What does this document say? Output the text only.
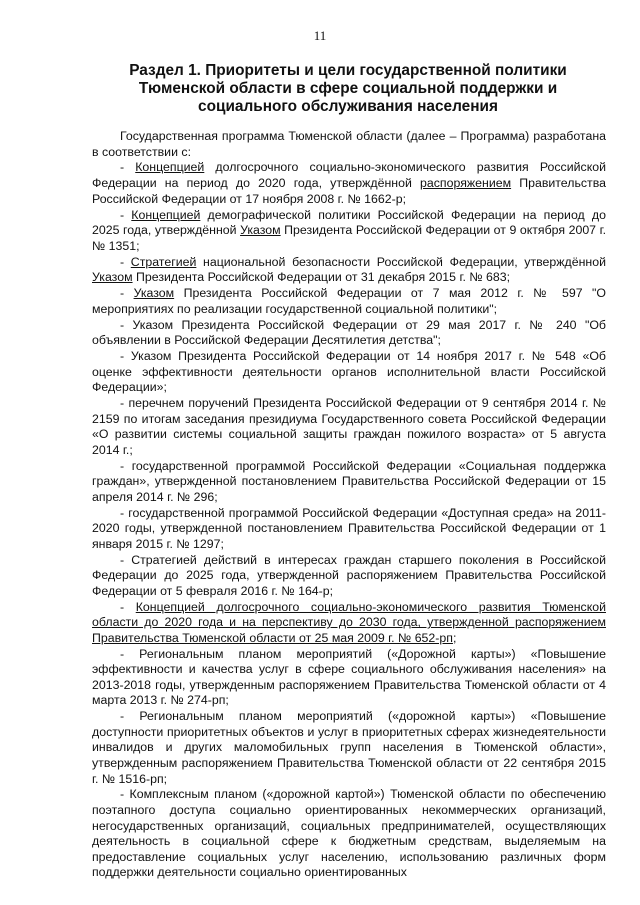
11
Раздел 1. Приоритеты и цели государственной политики
Тюменской области в сфере социальной поддержки и
социального обслуживания населения

Государственная программа Тюменской области (далее – Программа) разработана в соответствии с:

- Концепцией долгосрочного социально-экономического развития Российской Федерации на период до 2020 года, утверждённой распоряжением Правительства Российской Федерации от 17 ноября 2008 г. № 1662-р;

- Концепцией демографической политики Российской Федерации на период до 2025 года, утверждённой Указом Президента Российской Федерации от 9 октября 2007 г. № 1351;

- Стратегией национальной безопасности Российской Федерации, утверждённой Указом Президента Российской Федерации от 31 декабря 2015 г. № 683;

- Указом Президента Российской Федерации от 7 мая 2012 г. № 597 "О мероприятиях по реализации государственной социальной политики";

- Указом Президента Российской Федерации от 29 мая 2017 г. № 240 "Об объявлении в Российской Федерации Десятилетия детства";

- Указом Президента Российской Федерации от 14 ноября 2017 г. № 548 «Об оценке эффективности деятельности органов исполнительной власти Российской Федерации»;

- перечнем поручений Президента Российской Федерации от 9 сентября 2014 г. № 2159 по итогам заседания президиума Государственного совета Российской Федерации «О развитии системы социальной защиты граждан пожилого возраста» от 5 августа 2014 г.;

- государственной программой Российской Федерации «Социальная поддержка граждан», утвержденной постановлением Правительства Российской Федерации от 15 апреля 2014 г. № 296;

- государственной программой Российской Федерации «Доступная среда» на 2011-2020 годы, утвержденной постановлением Правительства Российской Федерации от 1 января 2015 г. № 1297;

- Стратегией действий в интересах граждан старшего поколения в Российской Федерации до 2025 года, утвержденной распоряжением Правительства Российской Федерации от 5 февраля 2016 г. № 164-р;

- Концепцией долгосрочного социально-экономического развития Тюменской области до 2020 года и на перспективу до 2030 года, утвержденной распоряжением Правительства Тюменской области от 25 мая 2009 г. № 652-рп;

- Региональным планом мероприятий («Дорожной карты») «Повышение эффективности и качества услуг в сфере социального обслуживания населения» на 2013-2018 годы, утвержденным распоряжением Правительства Тюменской области от 4 марта 2013 г. № 274-рп;

- Региональным планом мероприятий («дорожной карты») «Повышение доступности приоритетных объектов и услуг в приоритетных сферах жизнедеятельности инвалидов и других маломобильных групп населения в Тюменской области», утвержденным распоряжением Правительства Тюменской области от 22 сентября 2015 г. № 1516-рп;

- Комплексным планом («дорожной картой») Тюменской области по обеспечению поэтапного доступа социально ориентированных некоммерческих организаций, негосударственных организаций, социальных предпринимателей, осуществляющих деятельность в социальной сфере к бюджетным средствам, выделяемым на предоставление социальных услуг населению, использованию различных форм поддержки деятельности социально ориентированных
